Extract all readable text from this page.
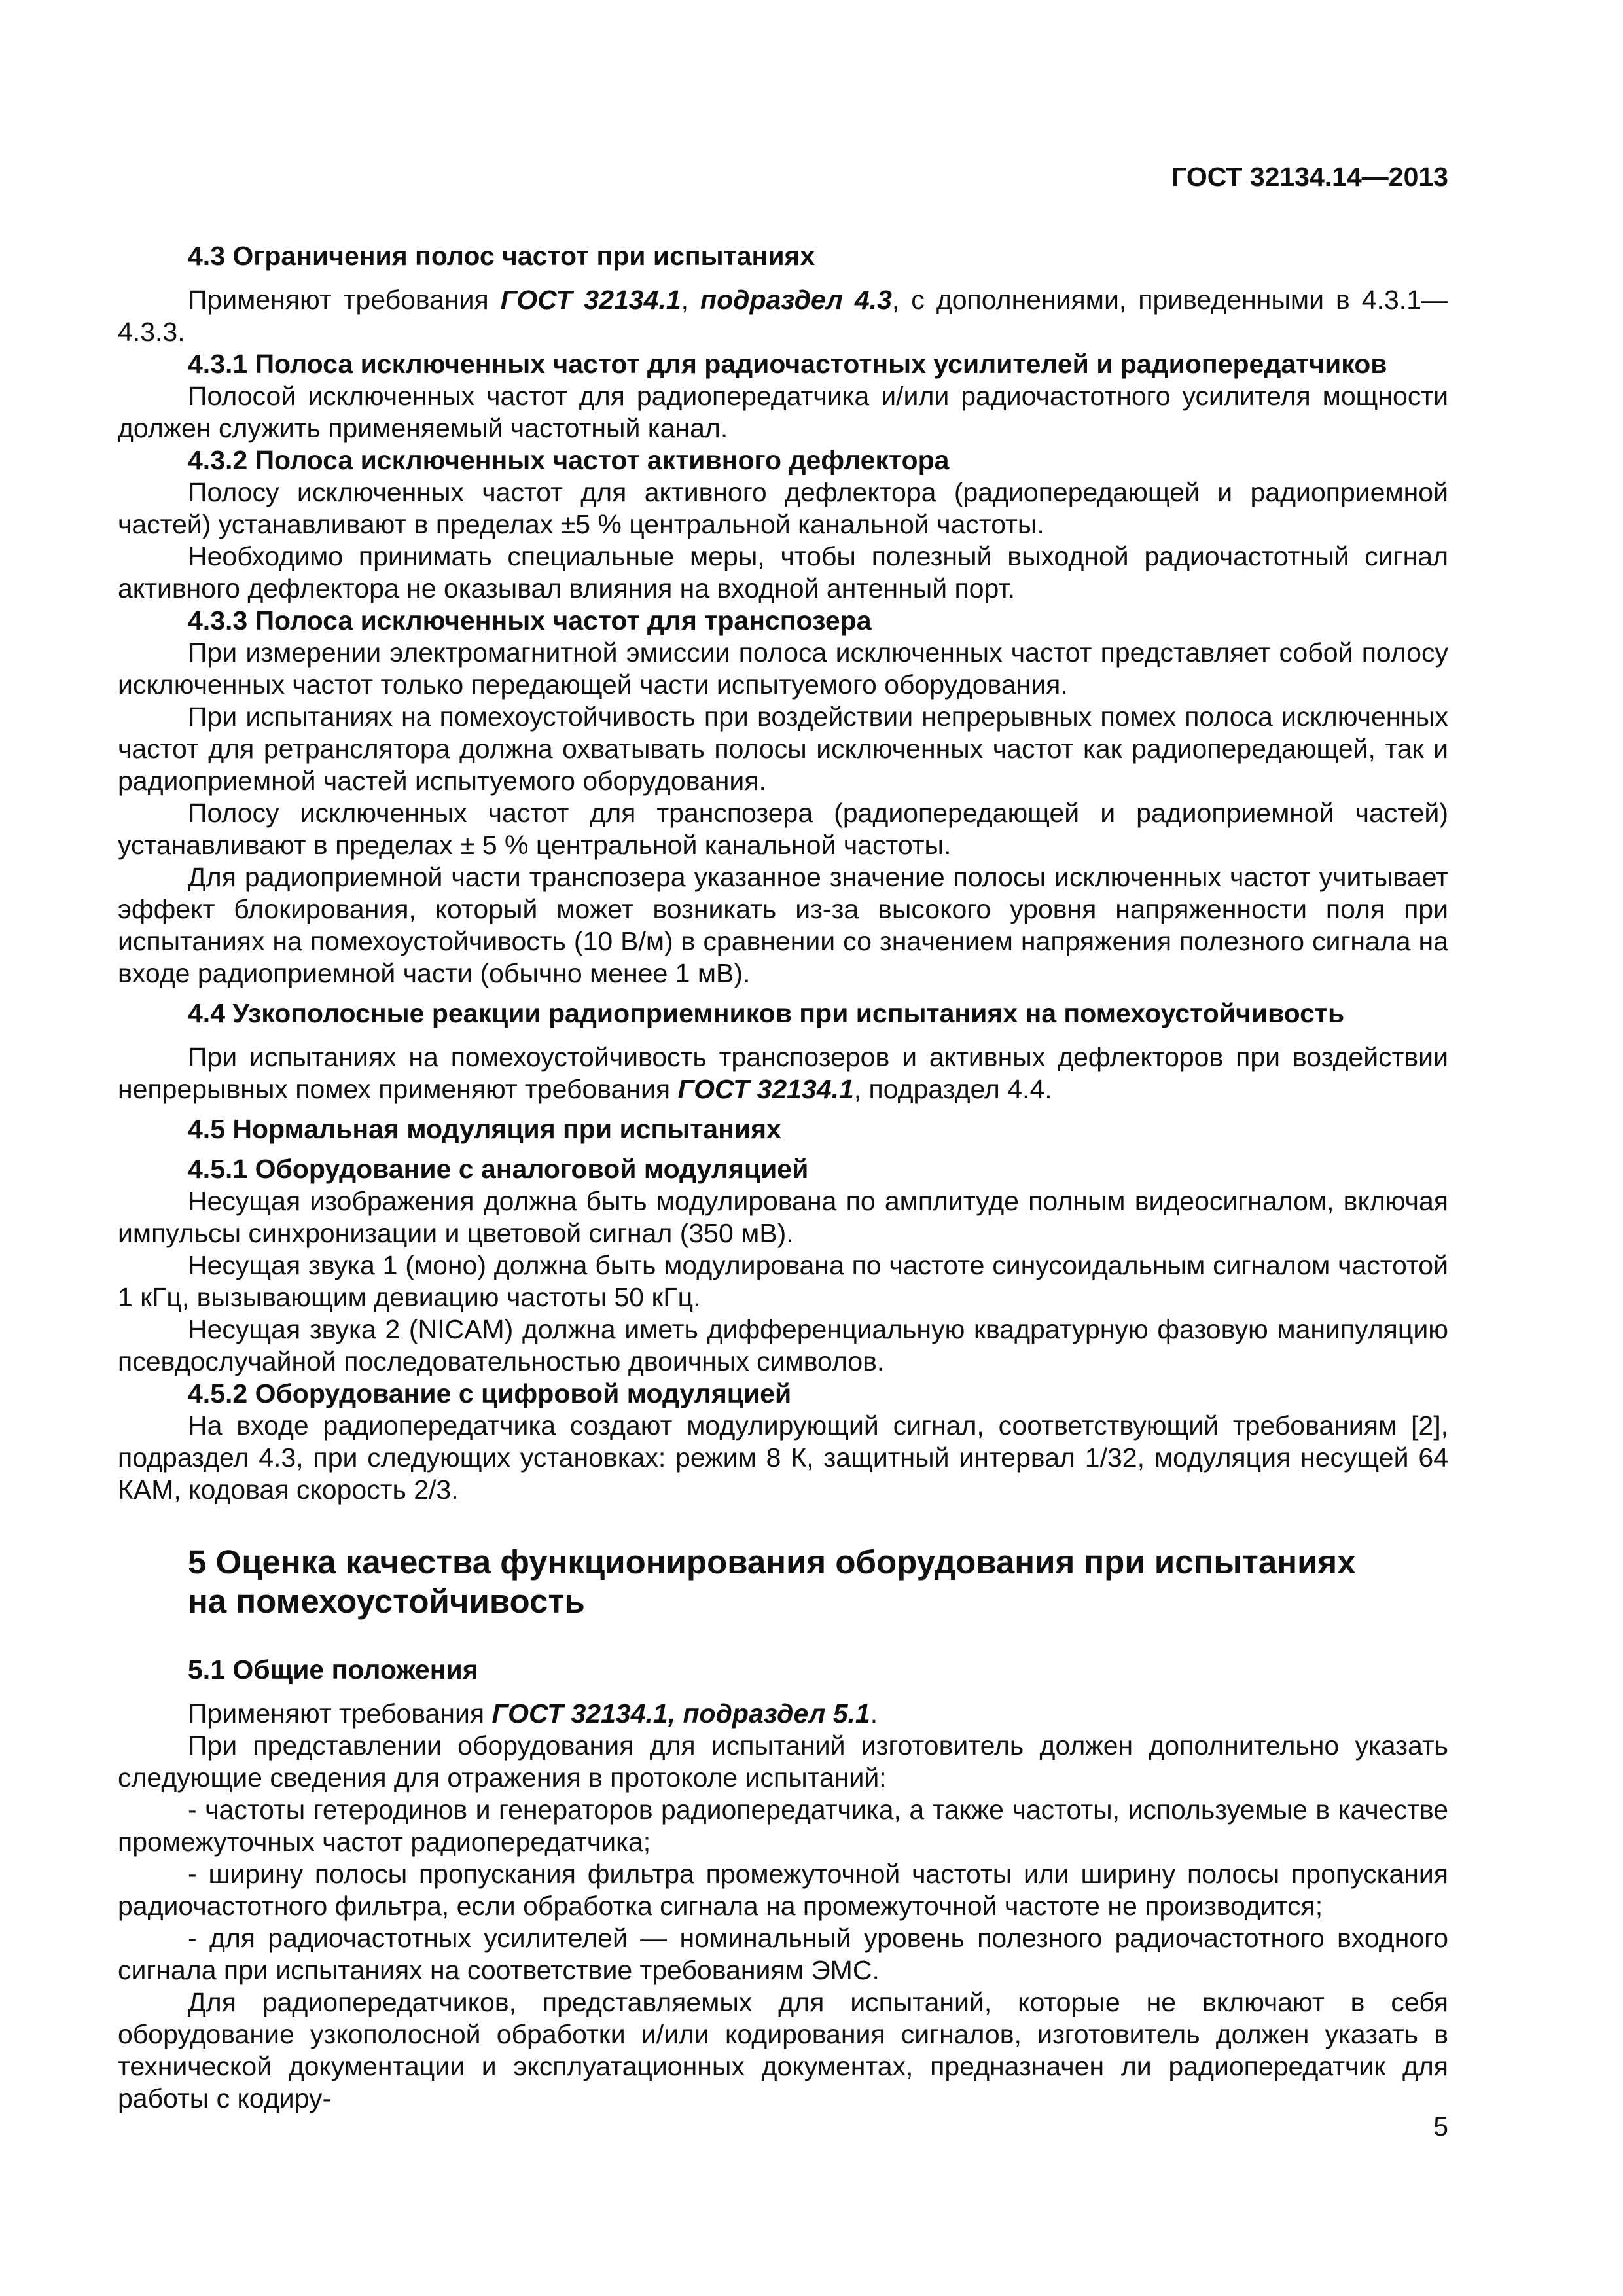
ГОСТ 32134.14—2013
4.3 Ограничения полос частот при испытаниях

Применяют требования ГОСТ 32134.1, подраздел 4.3, с дополнениями, приведенными в 4.3.1—4.3.3.

4.3.1 Полоса исключенных частот для радиочастотных усилителей и радиопередатчиков

Полосой исключенных частот для радиопередатчика и/или радиочастотного усилителя мощности должен служить применяемый частотный канал.

4.3.2 Полоса исключенных частот активного дефлектора

Полосу исключенных частот для активного дефлектора (радиопередающей и радиоприемной частей) устанавливают в пределах ±5 % центральной канальной частоты.

Необходимо принимать специальные меры, чтобы полезный выходной радиочастотный сигнал активного дефлектора не оказывал влияния на входной антенный порт.

4.3.3 Полоса исключенных частот для транспозера

При измерении электромагнитной эмиссии полоса исключенных частот представляет собой полосу исключенных частот только передающей части испытуемого оборудования.

При испытаниях на помехоустойчивость при воздействии непрерывных помех полоса исключенных частот для ретранслятора должна охватывать полосы исключенных частот как радиопередающей, так и радиоприемной частей испытуемого оборудования.

Полосу исключенных частот для транспозера (радиопередающей и радиоприемной частей) устанавливают в пределах ± 5 % центральной канальной частоты.

Для радиоприемной части транспозера указанное значение полосы исключенных частот учитывает эффект блокирования, который может возникать из-за высокого уровня напряженности поля при испытаниях на помехоустойчивость (10 В/м) в сравнении со значением напряжения полезного сигнала на входе радиоприемной части (обычно менее 1 мВ).

4.4 Узкополосные реакции радиоприемников при испытаниях на помехоустойчивость

При испытаниях на помехоустойчивость транспозеров и активных дефлекторов при воздействии непрерывных помех применяют требования ГОСТ 32134.1, подраздел 4.4.

4.5 Нормальная модуляция при испытаниях
4.5.1 Оборудование с аналоговой модуляцией

Несущая изображения должна быть модулирована по амплитуде полным видеосигналом, включая импульсы синхронизации и цветовой сигнал (350 мВ).

Несущая звука 1 (моно) должна быть модулирована по частоте синусоидальным сигналом частотой 1 кГц, вызывающим девиацию частоты 50 кГц.

Несущая звука 2 (NICAM) должна иметь дифференциальную квадратурную фазовую манипуляцию псевдослучайной последовательностью двоичных символов.

4.5.2 Оборудование с цифровой модуляцией

На входе радиопередатчика создают модулирующий сигнал, соответствующий требованиям [2], подраздел 4.3, при следующих установках: режим 8 К, защитный интервал 1/32, модуляция несущей 64 КАМ, кодовая скорость 2/3.

5 Оценка качества функционирования оборудования при испытаниях
на помехоустойчивость
5.1 Общие положения

Применяют требования ГОСТ 32134.1, подраздел 5.1.

При представлении оборудования для испытаний изготовитель должен дополнительно указать следующие сведения для отражения в протоколе испытаний:

- частоты гетеродинов и генераторов радиопередатчика, а также частоты, используемые в качестве промежуточных частот радиопередатчика;

- ширину полосы пропускания фильтра промежуточной частоты или ширину полосы пропускания радиочастотного фильтра, если обработка сигнала на промежуточной частоте не производится;

- для радиочастотных усилителей — номинальный уровень полезного радиочастотного входного сигнала при испытаниях на соответствие требованиям ЭМС.

Для радиопередатчиков, представляемых для испытаний, которые не включают в себя оборудование узкополосной обработки и/или кодирования сигналов, изготовитель должен указать в технической документации и эксплуатационных документах, предназначен ли радиопередатчик для работы с кодиру-

5
